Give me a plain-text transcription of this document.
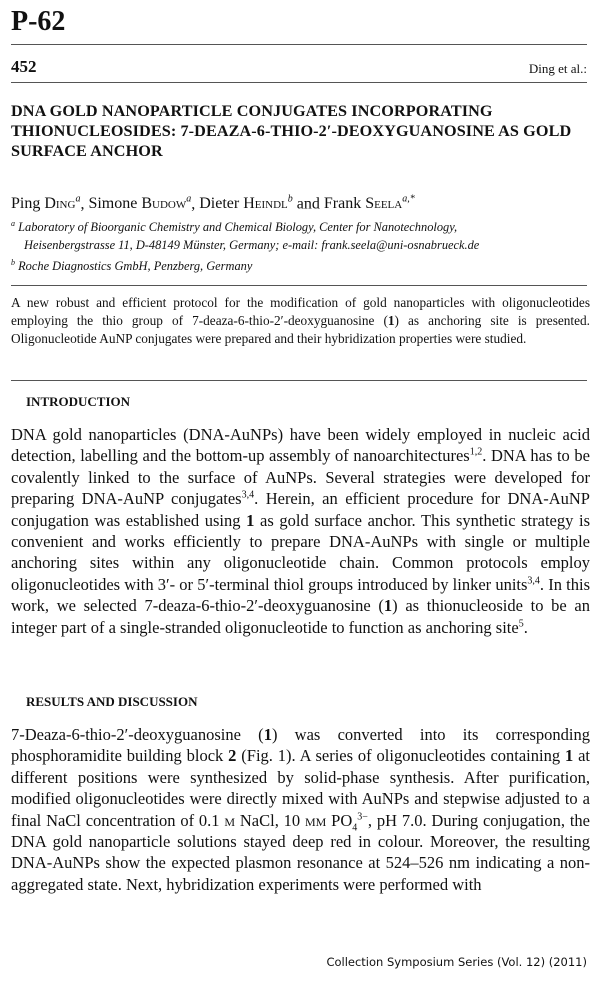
P-62
452	Ding et al.:
DNA GOLD NANOPARTICLE CONJUGATES INCORPORATING THIONUCLEOSIDES: 7-DEAZA-6-THIO-2′-DEOXYGUANOSINE AS GOLD SURFACE ANCHOR
Ping Ding$^a$, Simone Budow$^a$, Dieter Heindl$^b$ and Frank Seela$^{a,*}$
$^a$ Laboratory of Bioorganic Chemistry and Chemical Biology, Center for Nanotechnology,
Heisenbergstrasse 11, D-48149 Münster, Germany; e-mail: frank.seela@uni-osnabrueck.de
$^b$ Roche Diagnostics GmbH, Penzberg, Germany
A new robust and efficient protocol for the modification of gold nanoparticles with oligonucleotides employing the thio group of 7-deaza-6-thio-2′-deoxyguanosine (1) as anchoring site is presented. Oligonucleotide AuNP conjugates were prepared and their hybridization properties were studied.
INTRODUCTION
DNA gold nanoparticles (DNA-AuNPs) have been widely employed in nucleic acid detection, labelling and the bottom-up assembly of nanoarchitectures$^{1,2}$. DNA has to be covalently linked to the surface of AuNPs. Several strategies were developed for preparing DNA-AuNP conjugates$^{3,4}$. Herein, an efficient procedure for DNA-AuNP conjugation was established using 1 as gold surface anchor. This synthetic strategy is convenient and works efficiently to prepare DNA-AuNPs with single or multiple anchoring sites within any oligonucleotide chain. Common protocols employ oligonucleotides with 3′- or 5′-terminal thiol groups introduced by linker units$^{3,4}$. In this work, we selected 7-deaza-6-thio-2′-deoxyguanosine (1) as thionucleoside to be an integer part of a single-stranded oligonucleotide to function as anchoring site$^5$.
RESULTS AND DISCUSSION
7-Deaza-6-thio-2′-deoxyguanosine (1) was converted into its corresponding phosphoramidite building block 2 (Fig. 1). A series of oligonucleotides containing 1 at different positions were synthesized by solid-phase synthesis. After purification, modified oligonucleotides were directly mixed with AuNPs and stepwise adjusted to a final NaCl concentration of 0.1 m NaCl, 10 mm $PO_4^{3-}$, pH 7.0. During conjugation, the DNA gold nanoparticle solutions stayed deep red in colour. Moreover, the resulting DNA-AuNPs show the expected plasmon resonance at 524–526 nm indicating a non-aggregated state. Next, hybridization experiments were performed with
Collection Symposium Series (Vol. 12) (2011)
